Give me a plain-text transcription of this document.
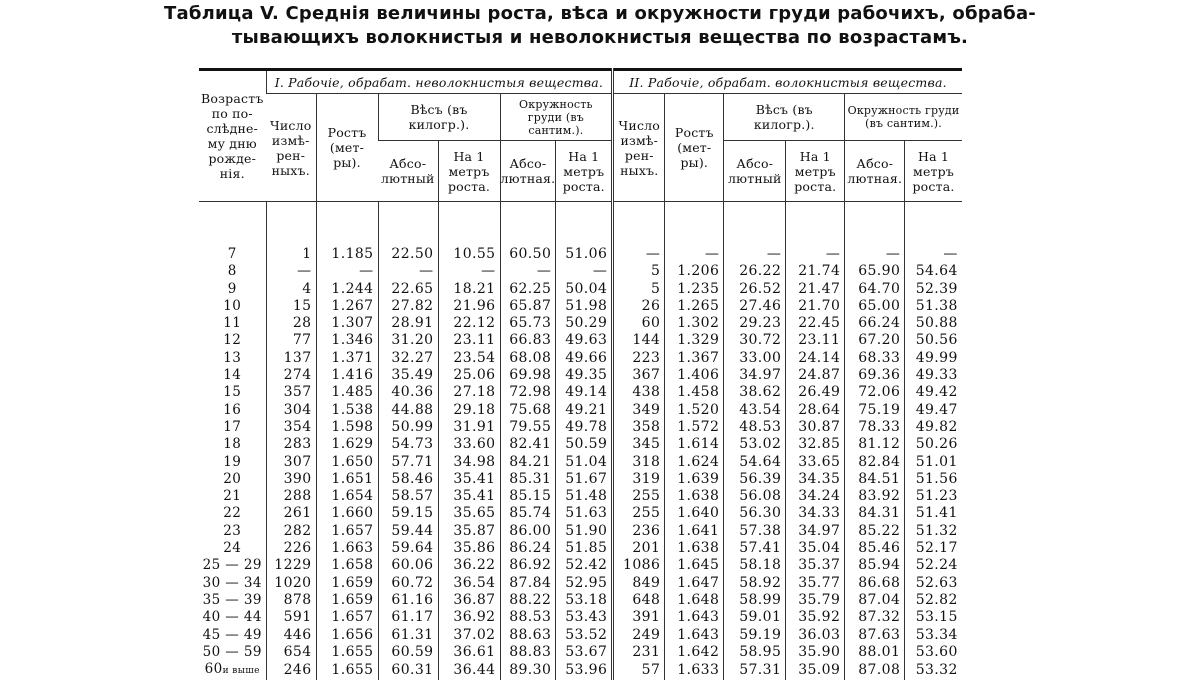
Таблица V. Среднія величины роста, вѣса и окружности груди рабочихъ, обраба-
тывающихъ волокнистыя и неволокнистыя вещества по возрастамъ.
Возрастъ по по-слѣдне-му дню рожде-нія.	I. Рабочіе, обрабат. неволокнистыя вещества.						II. Рабочіе, обрабат. волокнистыя вещества.					
	Число измѣ-рен-ныхъ.	Ростъ (мет-ры).	Вѣсъ (въ килогр.).		Окружность груди (въ сантим.).		Число измѣ-рен-ныхъ.	Ростъ (мет-ры).	Вѣсъ (въ килогр.).		Окружность груди (въ сантим.).	
			Абсо-лютный	На 1 метръ роста.	Абсо-лютная.	На 1 метръ роста.			Абсо-лютный	На 1 метръ роста.	Абсо-лютная.	На 1 метръ роста.

7	1	1.185	22.50	10.55	60.50	51.06	—	—	—	—	—	—
8	—	—	—	—	—	—	5	1.206	26.22	21.74	65.90	54.64
9	4	1.244	22.65	18.21	62.25	50.04	5	1.235	26.52	21.47	64.70	52.39
10	15	1.267	27.82	21.96	65.87	51.98	26	1.265	27.46	21.70	65.00	51.38
11	28	1.307	28.91	22.12	65.73	50.29	60	1.302	29.23	22.45	66.24	50.88
12	77	1.346	31.20	23.11	66.83	49.63	144	1.329	30.72	23.11	67.20	50.56
13	137	1.371	32.27	23.54	68.08	49.66	223	1.367	33.00	24.14	68.33	49.99
14	274	1.416	35.49	25.06	69.98	49.35	367	1.406	34.97	24.87	69.36	49.33
15	357	1.485	40.36	27.18	72.98	49.14	438	1.458	38.62	26.49	72.06	49.42
16	304	1.538	44.88	29.18	75.68	49.21	349	1.520	43.54	28.64	75.19	49.47
17	354	1.598	50.99	31.91	79.55	49.78	358	1.572	48.53	30.87	78.33	49.82
18	283	1.629	54.73	33.60	82.41	50.59	345	1.614	53.02	32.85	81.12	50.26
19	307	1.650	57.71	34.98	84.21	51.04	318	1.624	54.64	33.65	82.84	51.01
20	390	1.651	58.46	35.41	85.31	51.67	319	1.639	56.39	34.35	84.51	51.56
21	288	1.654	58.57	35.41	85.15	51.48	255	1.638	56.08	34.24	83.92	51.23
22	261	1.660	59.15	35.65	85.74	51.63	255	1.640	56.30	34.33	84.31	51.41
23	282	1.657	59.44	35.87	86.00	51.90	236	1.641	57.38	34.97	85.22	51.32
24	226	1.663	59.64	35.86	86.24	51.85	201	1.638	57.41	35.04	85.46	52.17
25 — 29	1229	1.658	60.06	36.22	86.92	52.42	1086	1.645	58.18	35.37	85.94	52.24
30 — 34	1020	1.659	60.72	36.54	87.84	52.95	849	1.647	58.92	35.77	86.68	52.63
35 — 39	878	1.659	61.16	36.87	88.22	53.18	648	1.648	58.99	35.79	87.04	52.82
40 — 44	591	1.657	61.17	36.92	88.53	53.43	391	1.643	59.01	35.92	87.32	53.15
45 — 49	446	1.656	61.31	37.02	88.63	53.52	249	1.643	59.19	36.03	87.63	53.34
50 — 59	654	1.655	60.59	36.61	88.83	53.67	231	1.642	58.95	35.90	88.01	53.60
60и выше	246	1.655	60.31	36.44	89.30	53.96	57	1.633	57.31	35.09	87.08	53.32
